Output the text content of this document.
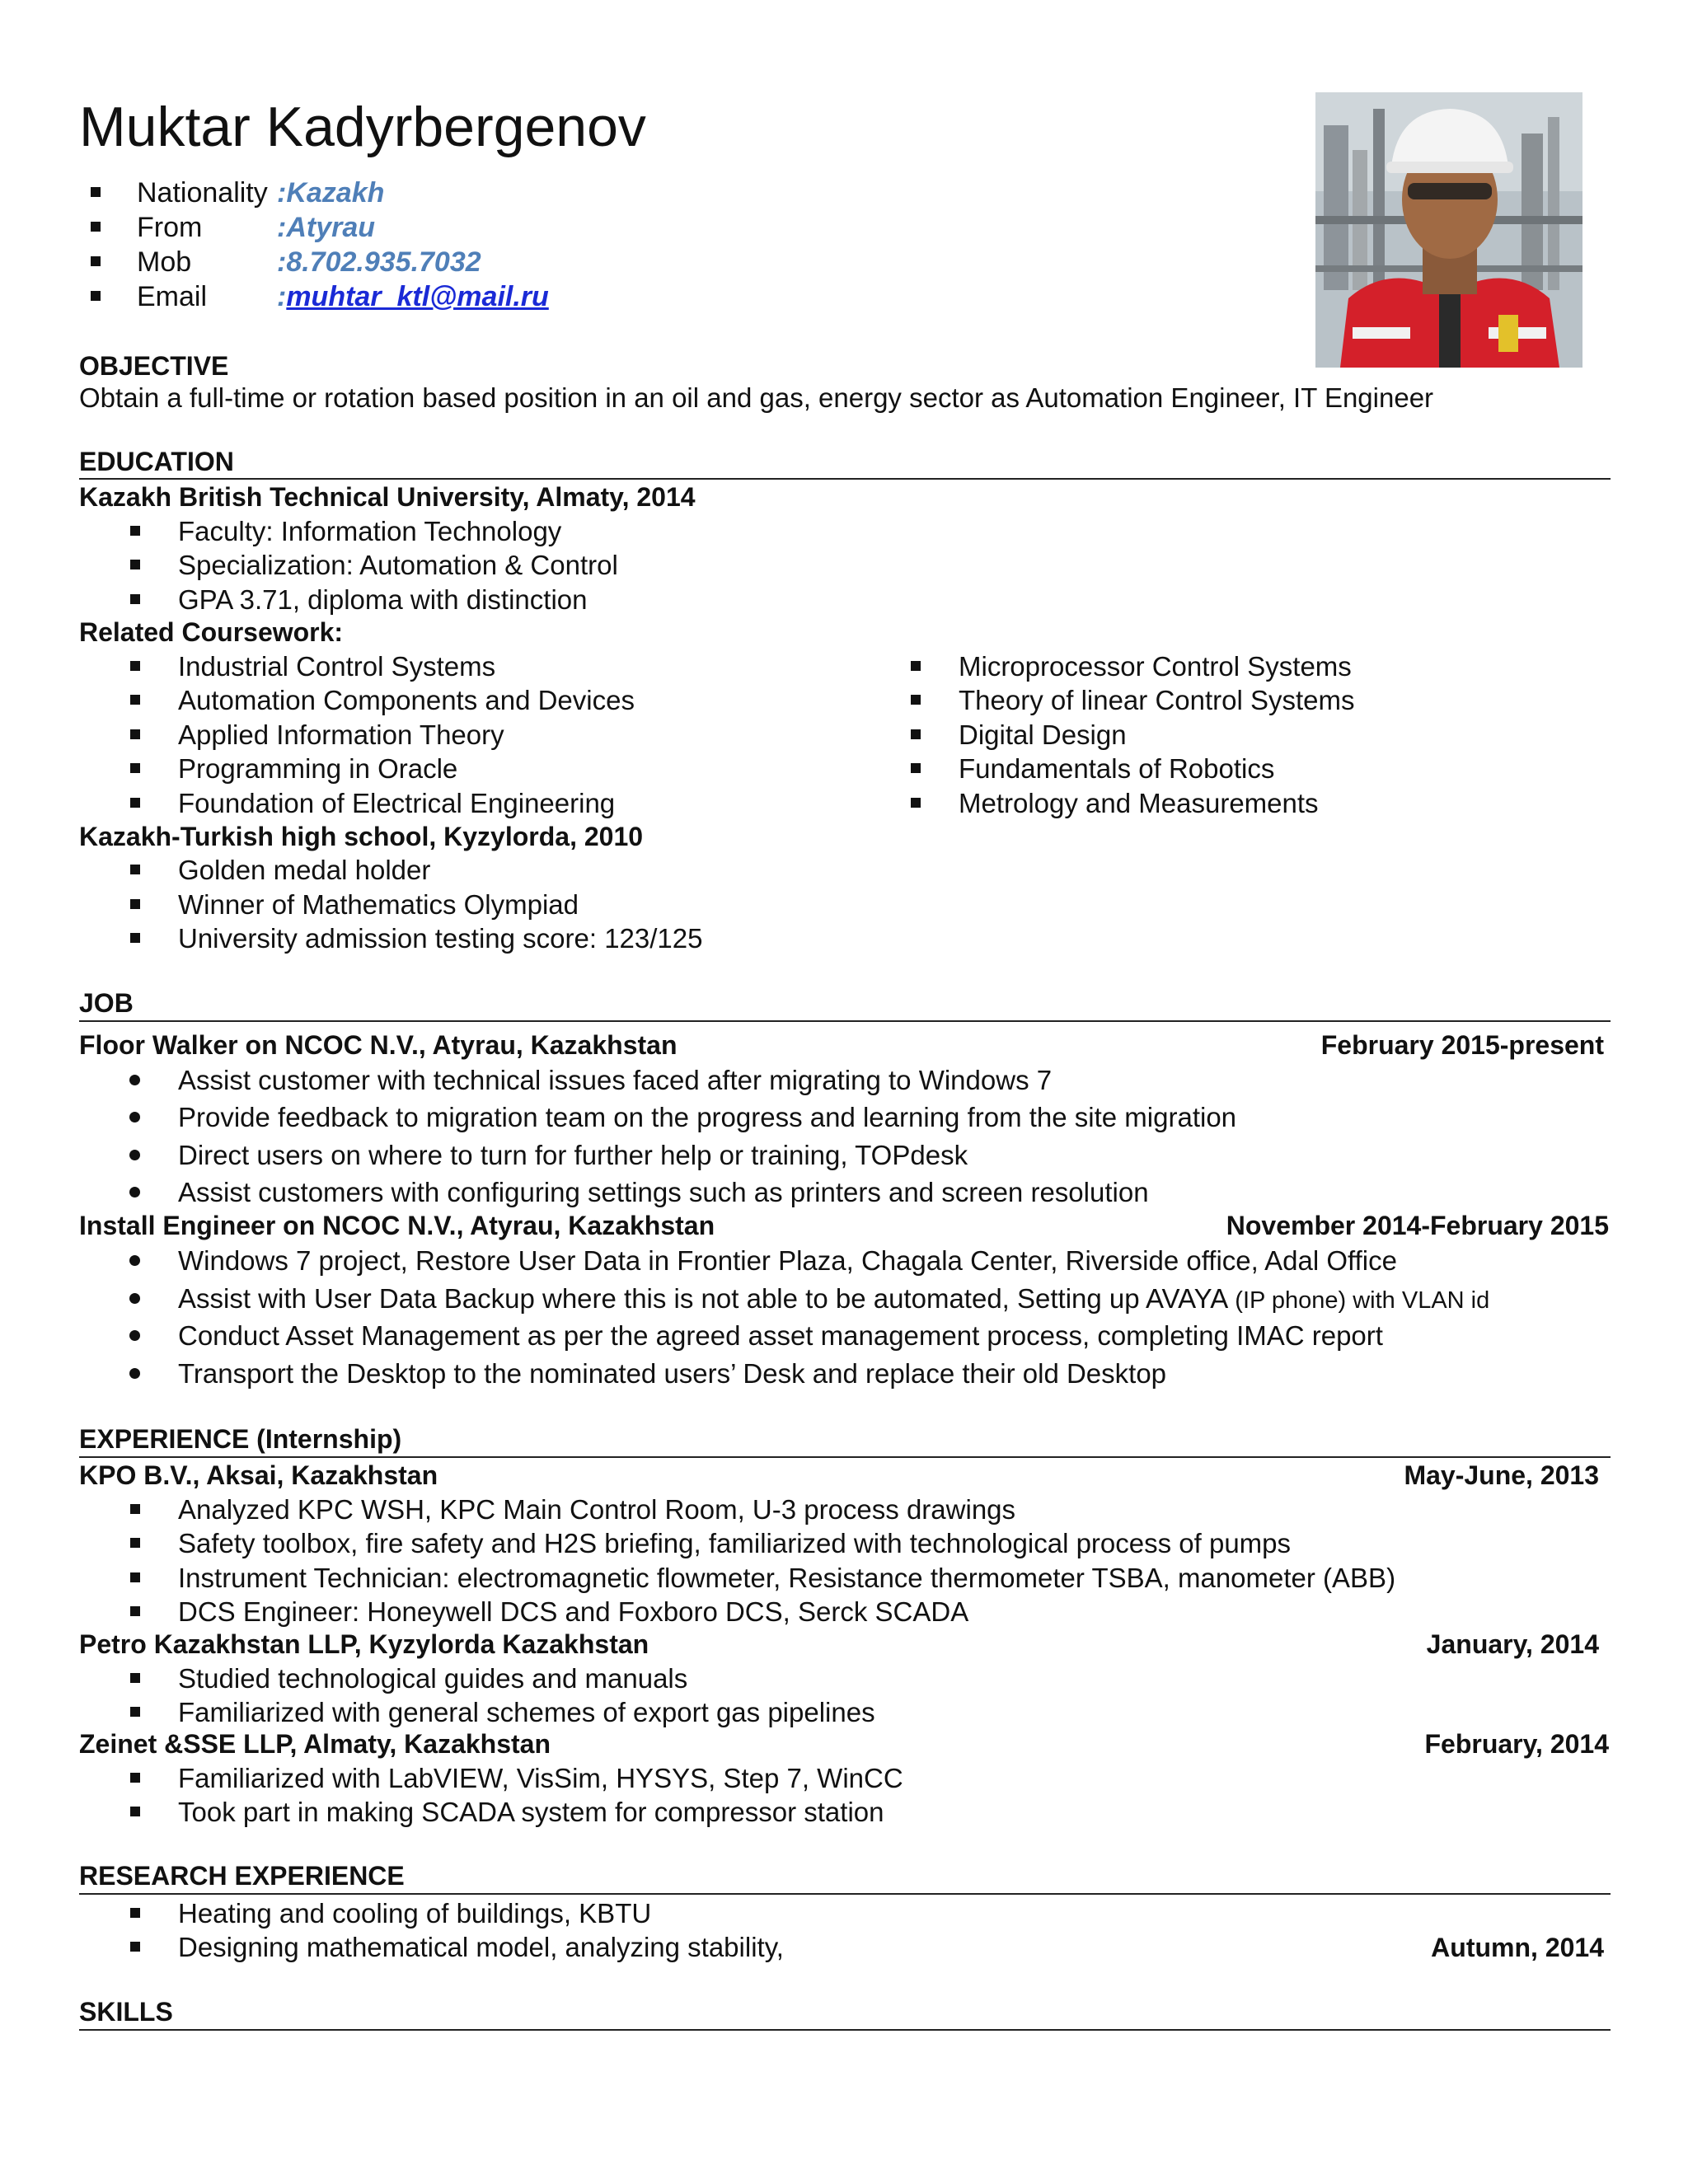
Muktar Kadyrbergenov
Nationality :Kazakh
From	:Atyrau
Mob	:8.702.935.7032
Email :muhtar_ktl@mail.ru
OBJECTIVE
Obtain a full-time or rotation based position in an oil and gas, energy sector as Automation Engineer, IT Engineer
EDUCATION
Kazakh British Technical University, Almaty, 2014
Faculty: Information Technology
Specialization: Automation & Control
GPA 3.71, diploma with distinction
Related Coursework:
Industrial Control Systems
Automation Components and Devices
Applied Information Theory
Programming in Oracle
Foundation of Electrical Engineering
Microprocessor Control Systems
Theory of linear Control Systems
Digital Design
Fundamentals of Robotics
Metrology and Measurements
Kazakh-Turkish high school, Kyzylorda, 2010
Golden medal holder
Winner of Mathematics Olympiad
University admission testing score: 123/125
JOB
Floor Walker on NCOC N.V., Atyrau, Kazakhstan	February 2015-present
Assist customer with technical issues faced after migrating to Windows 7
Provide feedback to migration team on the progress and learning from the site migration
Direct users on where to turn for further help or training, TOPdesk
Assist customers with configuring settings such as printers and screen resolution
Install Engineer on NCOC N.V., Atyrau, Kazakhstan	November 2014-February 2015
Windows 7 project, Restore User Data in Frontier Plaza, Chagala Center, Riverside office, Adal Office
Assist with User Data Backup where this is not able to be automated, Setting up AVAYA (IP phone) with VLAN id
Conduct Asset Management as per the agreed asset management process, completing IMAC report
Transport the Desktop to the nominated users’ Desk and replace their old Desktop
EXPERIENCE (Internship)
KPO B.V., Aksai, Kazakhstan	May-June, 2013
Analyzed KPC WSH, KPC Main Control Room, U-3 process drawings
Safety toolbox, fire safety and H2S briefing, familiarized with technological process of pumps
Instrument Technician: electromagnetic flowmeter, Resistance thermometer TSBA, manometer (ABB)
DCS Engineer: Honeywell DCS and Foxboro DCS, Serck SCADA
Petro Kazakhstan LLP, Kyzylorda Kazakhstan	January, 2014
Studied technological guides and manuals
Familiarized with general schemes of export gas pipelines
Zeinet &SSE LLP, Almaty, Kazakhstan	February, 2014
Familiarized with LabVIEW, VisSim, HYSYS, Step 7, WinCC
Took part in making SCADA system for compressor station
RESEARCH EXPERIENCE
Heating and cooling of buildings, KBTU
Designing mathematical model, analyzing stability,	Autumn, 2014
SKILLS
